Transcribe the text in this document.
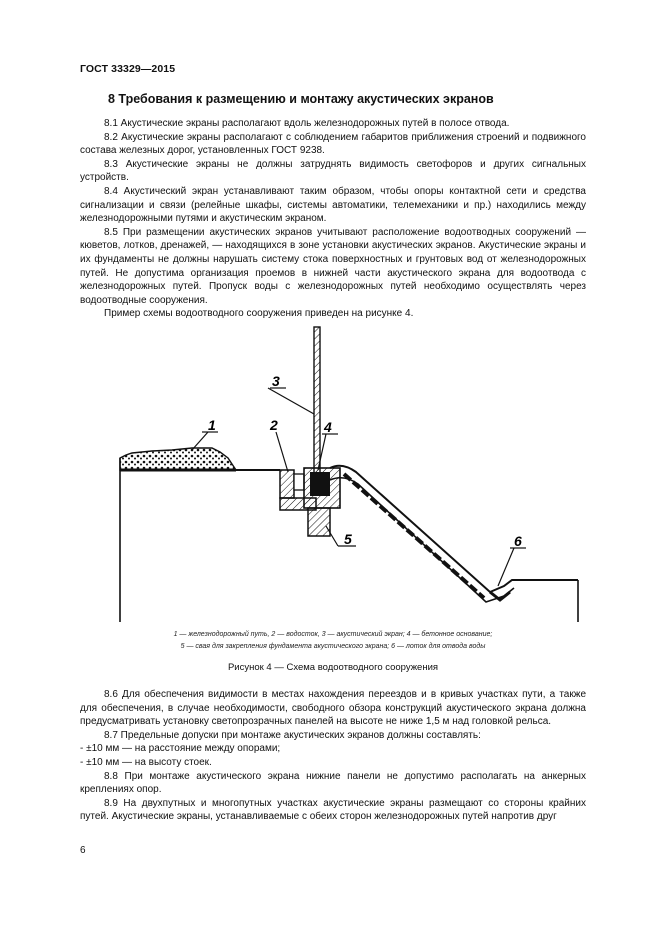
ГОСТ 33329—2015
8 Требования к размещению и монтажу акустических экранов

8.1 Акустические экраны располагают вдоль железнодорожных путей в полосе отвода.

8.2 Акустические экраны располагают с соблюдением габаритов приближения строений и подвижного состава железных дорог, установленных ГОСТ 9238.

8.3 Акустические экраны не должны затруднять видимость светофоров и других сигнальных устройств.

8.4 Акустический экран устанавливают таким образом, чтобы опоры контактной сети и средства сигнализации и связи (релейные шкафы, системы автоматики, телемеханики и пр.) находились между железнодорожными путями и акустическим экраном.

8.5 При размещении акустических экранов учитывают расположение водоотводных сооружений — кюветов, лотков, дренажей, — находящихся в зоне установки акустических экранов. Акустические экраны и их фундаменты не должны нарушать систему стока поверхностных и грунтовых вод от железнодорожных путей. Не допустима организация проемов в нижней части акустического экрана для водоотвода с железнодорожных путей. Пропуск воды с железнодорожных путей необходимо осуществлять через водоотводные сооружения.

Пример схемы водоотводного сооружения приведен на рисунке 4.

1	2
3
4
5	6
1 — железнодорожный путь, 2 — водосток, 3 — акустический экран; 4 — бетонное основание;
5 — свая для закрепления фундамента акустического экрана; 6 — лоток для отвода воды
Рисунок 4 — Схема водоотводного сооружения

8.6 Для обеспечения видимости в местах нахождения переездов и в кривых участках пути, а также для обеспечения, в случае необходимости, свободного обзора конструкций акустического экрана должна предусматривать установку светопрозрачных панелей на высоте не ниже 1,5 м над головкой рельса.

8.7 Предельные допуски при монтаже акустических экранов должны составлять:

- ±10 мм — на расстояние между опорами;

- ±10 мм — на высоту стоек.

8.8 При монтаже акустического экрана нижние панели не допустимо располагать на анкерных креплениях опор.

8.9 На двухпутных и многопутных участках акустические экраны размещают со стороны крайних путей. Акустические экраны, устанавливаемые с обеих сторон железнодорожных путей напротив друг

6
